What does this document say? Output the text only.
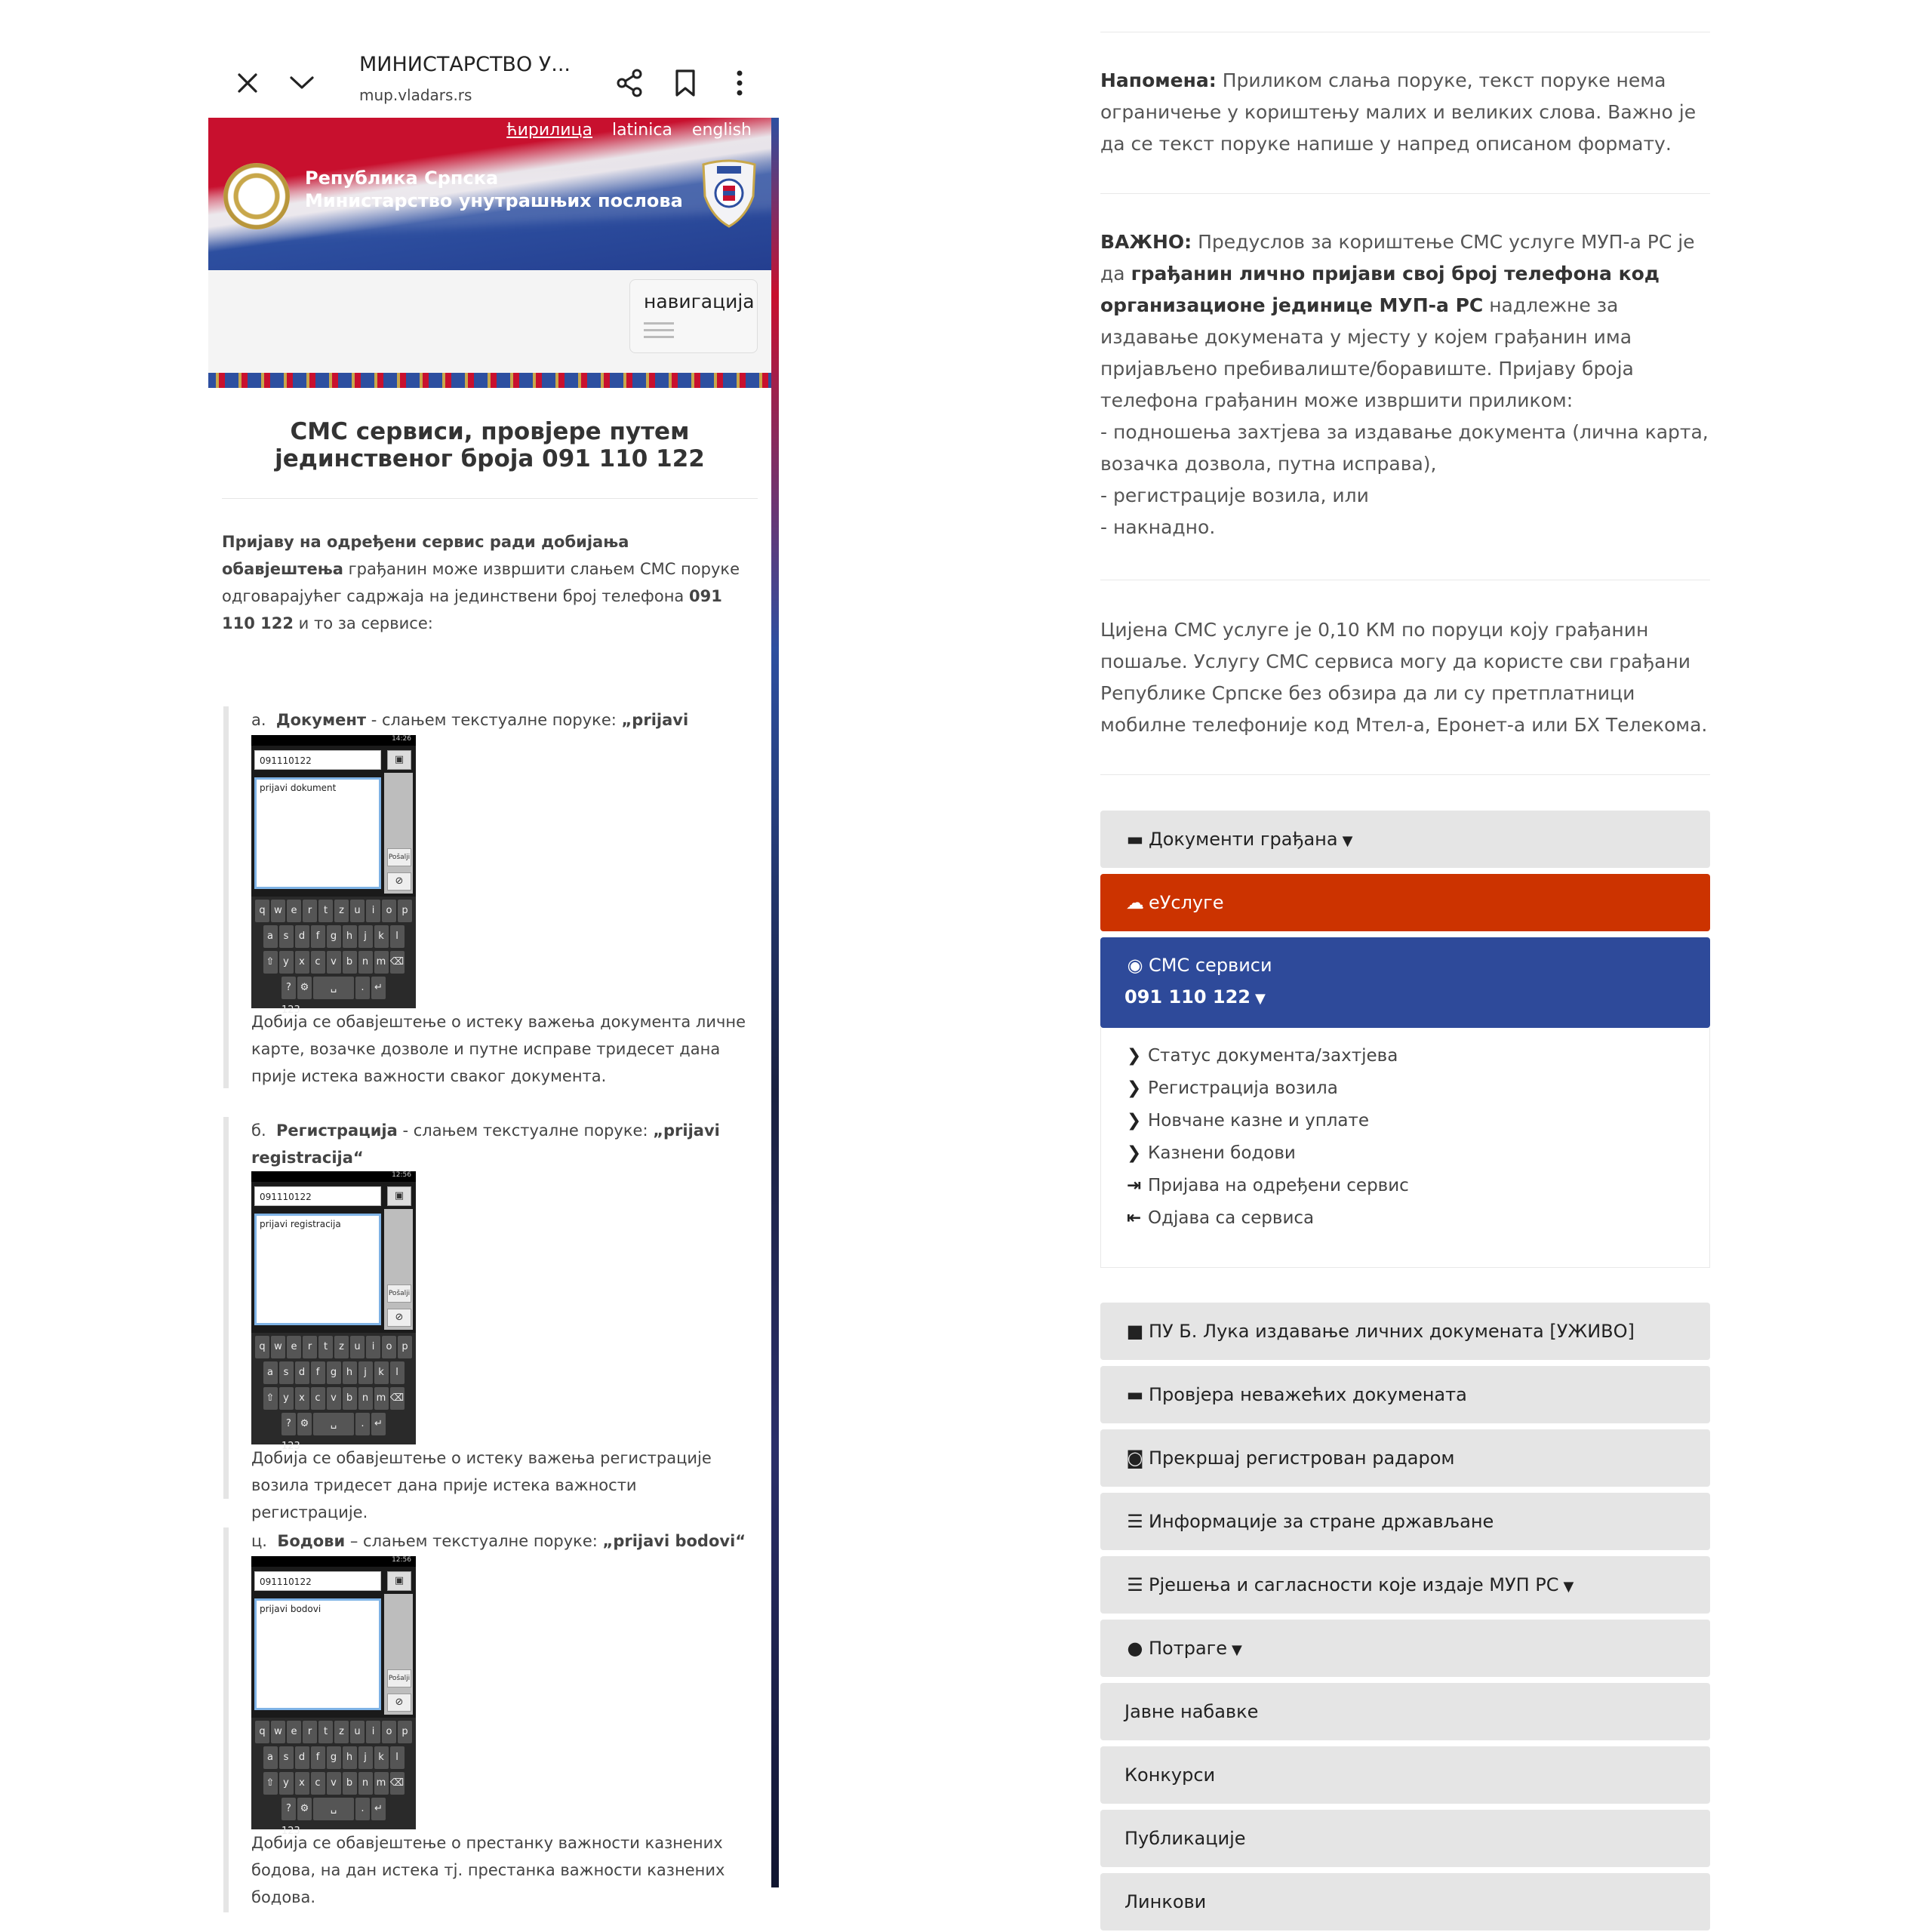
МИНИСТАРСТВО У...
mup.vladars.rs
ћирилица latinica english
Република Српска
Министарство унутрашњих послова
навигација
СМС сервиси, провјере путем јединственог броја 091 110 122
Пријаву на одређени сервис ради добијања обавјештења грађанин може извршити слањем СМС поруке одговарајућег садржаја на јединствени број телефона 091 110 122 и то за сервисе:
а. Документ - слањем текстуалне поруке: „prijavi
14:26
091110122	▣
prijavi dokument
Pošalji
⊘
q w e	r	t	z	u	i	o p
a	s	d	f	g h	j	k	l
⇧ y	x	c	v	b n m ⌫
?123
⚙	␣	.	↵
Добија се обавјештење о истеку важења документа личне карте, возачке дозволе и путне исправе тридесет дана прије истека важности сваког документа.
б. Регистрација - слањем текстуалне поруке: „prijavi registracija“
12:56
091110122	▣
prijavi registracija
Pošalji
⊘
q w e	r	t	z	u	i	o p
a	s	d	f	g h	j	k	l
⇧ y	x	c	v	b n m ⌫
?123
⚙	␣	.	↵
Добија се обавјештење о истеку важења регистрације возила тридесет дана прије истека важности регистрације.
ц. Бодови – слањем текстуалне поруке: „prijavi bodovi“
12:56
091110122	▣
prijavi bodovi
Pošalji
⊘
q w e	r	t	z	u	i	o p
a	s	d	f	g h	j	k	l
⇧ y	x	c	v	b n m ⌫
?123
⚙	␣	.	↵
Добија се обавјештење о престанку важности казнених бодова, на дан истека тј. престанка важности казнених бодова.
Напомена: Приликом слања поруке, текст поруке нема ограничење у кориштењу малих и великих слова. Важно је да се текст поруке напише у напред описаном формату.
ВАЖНО: Предуслов за кориштење СМС услуге МУП-а РС је да грађанин лично пријави свој број телефона код организационе јединице МУП-а РС надлежне за издавање докумената у мјесту у којем грађанин има пријављено пребивалиште/боравиште. Пријаву броја телефона грађанин може извршити приликом:
- подношења захтјева за издавање документа (лична карта, возачка дозвола, путна исправа),
- регистрације возила, или
- накнадно.
Цијена СМС услуге је 0,10 КМ по поруци коју грађанин пошаље. Услугу СМС сервиса могу да користе сви грађани Републике Српске без обзира да ли су претплатници мобилне телефоније код Мтел-а, Еронет-а или БХ Телекома.
▬ Документи грађана ▼
☁ еУслуге
◉ СМС сервиси
091 110 122 ▼
❯ Статус документа/захтјева
❯ Регистрација возила
❯ Новчане казне и уплате
❯ Казнени бодови
⇥ Пријава на одређени сервис
⇤ Одјава са сервиса
■ ПУ Б. Лука издавање личних докумената [УЖИВО]
▬ Провјера неважећих докумената
◙ Прекршај регистрован радаром
☰ Информације за стране држављане
☰ Рјешења и сагласности које издаје МУП РС ▼
● Потраге ▼
Јавне набавке
Конкурси
Публикације
Линкови
